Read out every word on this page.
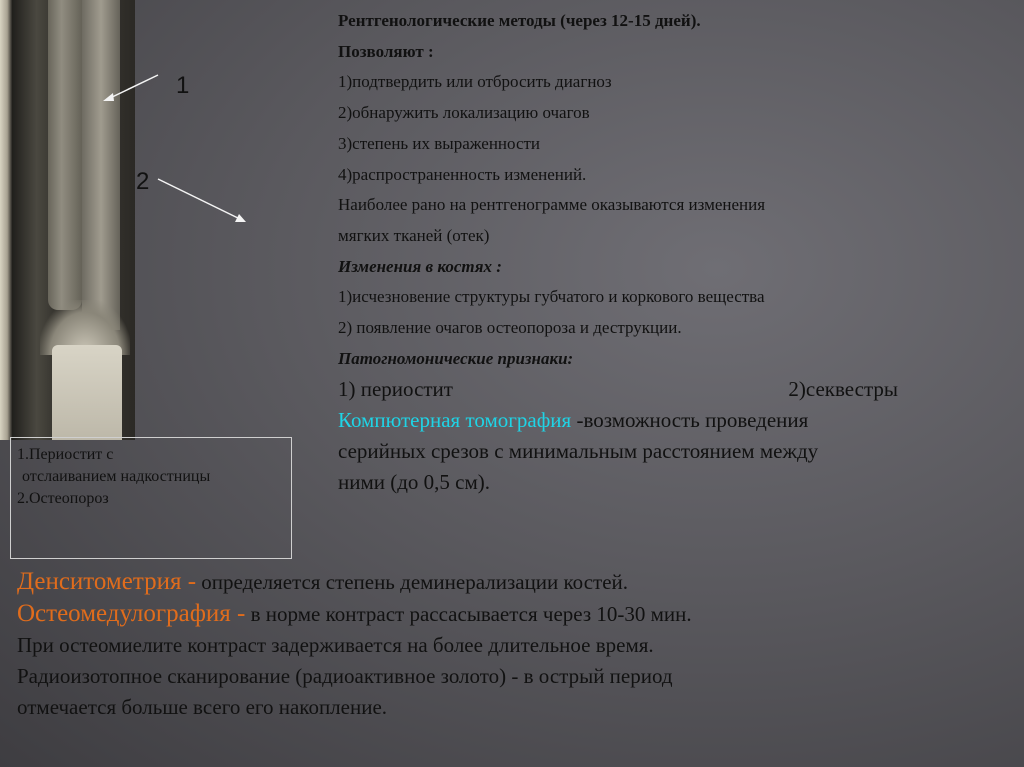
1
2
1.Периостит с
отслаиванием надкостницы
2.Остеопороз
Рентгенологические методы (через 12-15 дней).
Позволяют :
1)подтвердить или отбросить диагноз
2)обнаружить локализацию очагов
3)степень их выраженности
4)распространенность изменений.
Наиболее рано на рентгенограмме оказываются изменения
мягких тканей (отек)
Изменения в костях :
1)исчезновение структуры губчатого и коркового вещества
2) появление очагов остеопороза и деструкции.
Патогномонические признаки:
1) периостит	2)секвестры
Компютерная томография -возможность проведения
серийных срезов с минимальным расстоянием между
ними (до 0,5 см).
Денситометрия - определяется степень деминерализации костей.
Остеомедулография - в норме контраст рассасывается через 10-30 мин.
При остеомиелите контраст задерживается на более длительное время.
Радиоизотопное сканирование (радиоактивное золото) - в острый период
отмечается больше всего его накопление.
